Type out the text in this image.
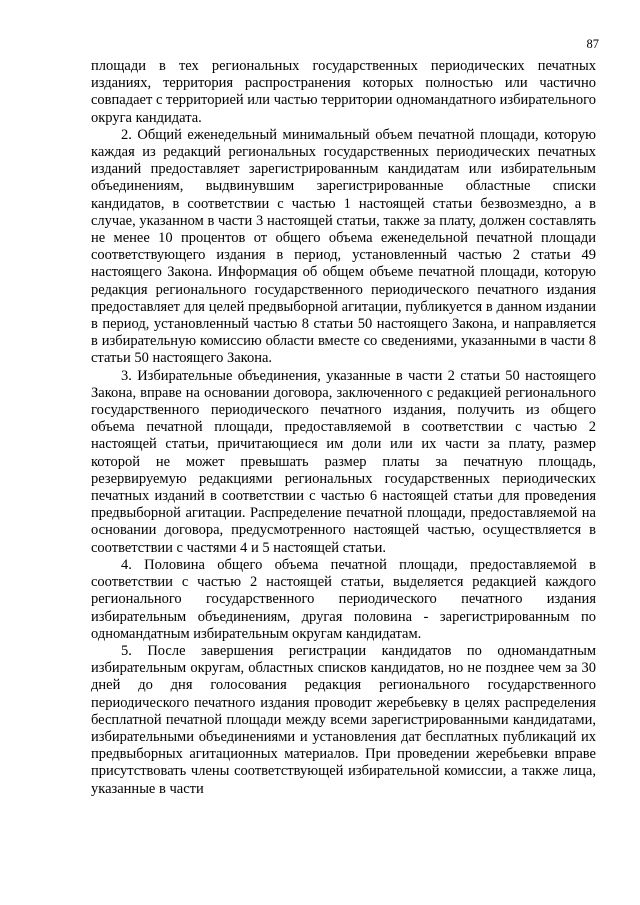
87

площади в тех региональных государственных периодических печатных изданиях, территория распространения которых полностью или частично совпадает с территорией или частью территории одномандатного избирательного округа кандидата.

2. Общий еженедельный минимальный объем печатной площади, которую каждая из редакций региональных государственных периодических печатных изданий предоставляет зарегистрированным кандидатам или избирательным объединениям, выдвинувшим зарегистрированные областные списки кандидатов, в соответствии с частью 1 настоящей статьи безвозмездно, а в случае, указанном в части 3 настоящей статьи, также за плату, должен составлять не менее 10 процентов от общего объема еженедельной печатной площади соответствующего издания в период, установленный частью 2 статьи 49 настоящего Закона. Информация об общем объеме печатной площади, которую редакция регионального государственного периодического печатного издания предоставляет для целей предвыборной агитации, публикуется в данном издании в период, установленный частью 8 статьи 50 настоящего Закона, и направляется в избирательную комиссию области вместе со сведениями, указанными в части 8 статьи 50 настоящего Закона.

3. Избирательные объединения, указанные в части 2 статьи 50 настоящего Закона, вправе на основании договора, заключенного с редакцией регионального государственного периодического печатного издания, получить из общего объема печатной площади, предоставляемой в соответствии с частью 2 настоящей статьи, причитающиеся им доли или их части за плату, размер которой не может превышать размер платы за печатную площадь, резервируемую редакциями региональных государственных периодических печатных изданий в соответствии с частью 6 настоящей статьи для проведения предвыборной агитации. Распределение печатной площади, предоставляемой на основании договора, предусмотренного настоящей частью, осуществляется в соответствии с частями 4 и 5 настоящей статьи.

4. Половина общего объема печатной площади, предоставляемой в соответствии с частью 2 настоящей статьи, выделяется редакцией каждого регионального государственного периодического печатного издания избирательным объединениям, другая половина - зарегистрированным по одномандатным избирательным округам кандидатам.

5. После завершения регистрации кандидатов по одномандатным избирательным округам, областных списков кандидатов, но не позднее чем за 30 дней до дня голосования редакция регионального государственного периодического печатного издания проводит жеребьевку в целях распределения бесплатной печатной площади между всеми зарегистрированными кандидатами, избирательными объединениями и установления дат бесплатных публикаций их предвыборных агитационных материалов. При проведении жеребьевки вправе присутствовать члены соответствующей избирательной комиссии, а также лица, указанные в части
